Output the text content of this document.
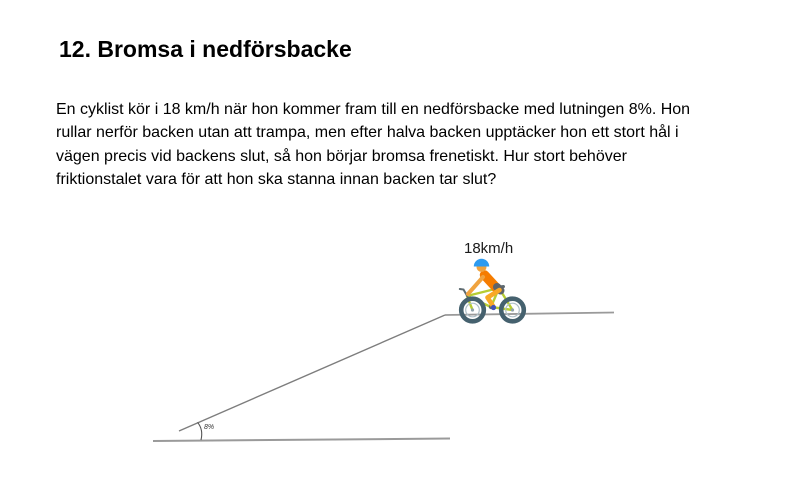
12. Bromsa i nedförsbacke
En cyklist kör i 18 km/h när hon kommer fram till en nedförsbacke med lutningen 8%. Hon
rullar nerför backen utan att trampa, men efter halva backen upptäcker hon ett stort hål i
vägen precis vid backens slut, så hon börjar bromsa frenetiskt. Hur stort behöver
friktionstalet vara för att hon ska stanna innan backen tar slut?
18km/h
8%
